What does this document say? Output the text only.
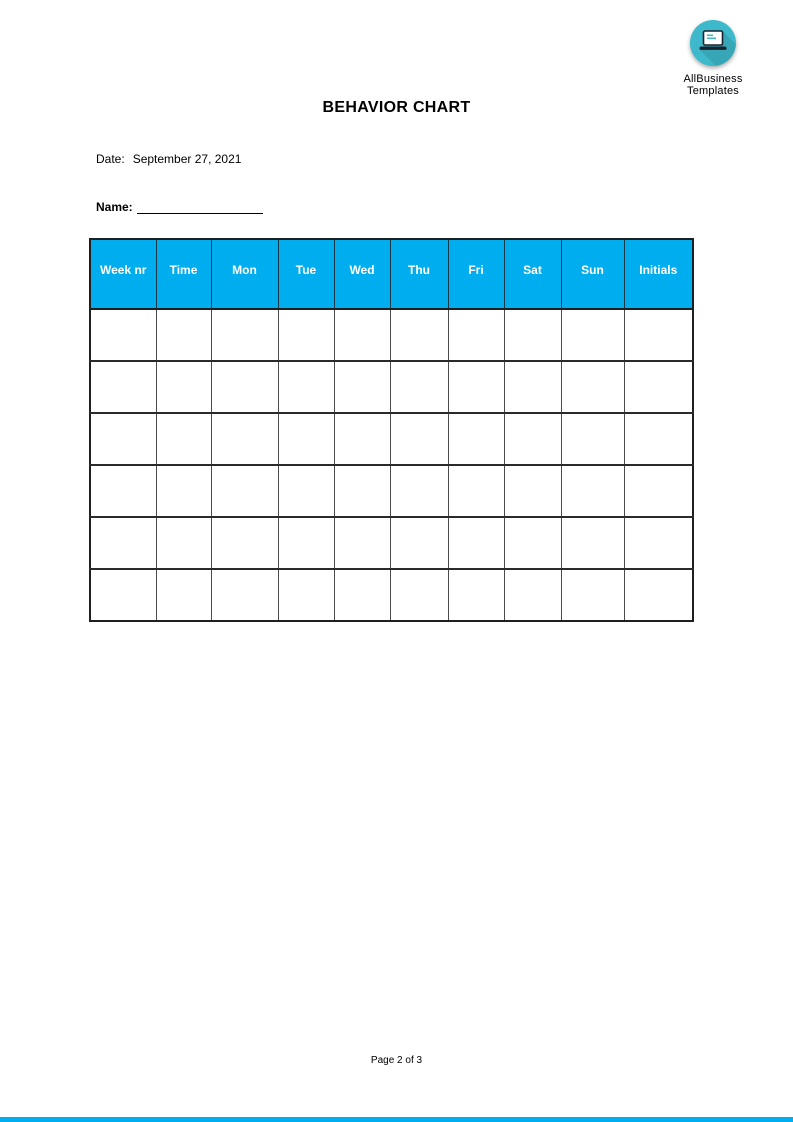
AllBusiness
Templates
BEHAVIOR CHART
Date: September 27, 2021
Name:
Week nr	Time	Mon	Tue	Wed	Thu	Fri	Sat	Sun	Initials

Page 2 of 3
